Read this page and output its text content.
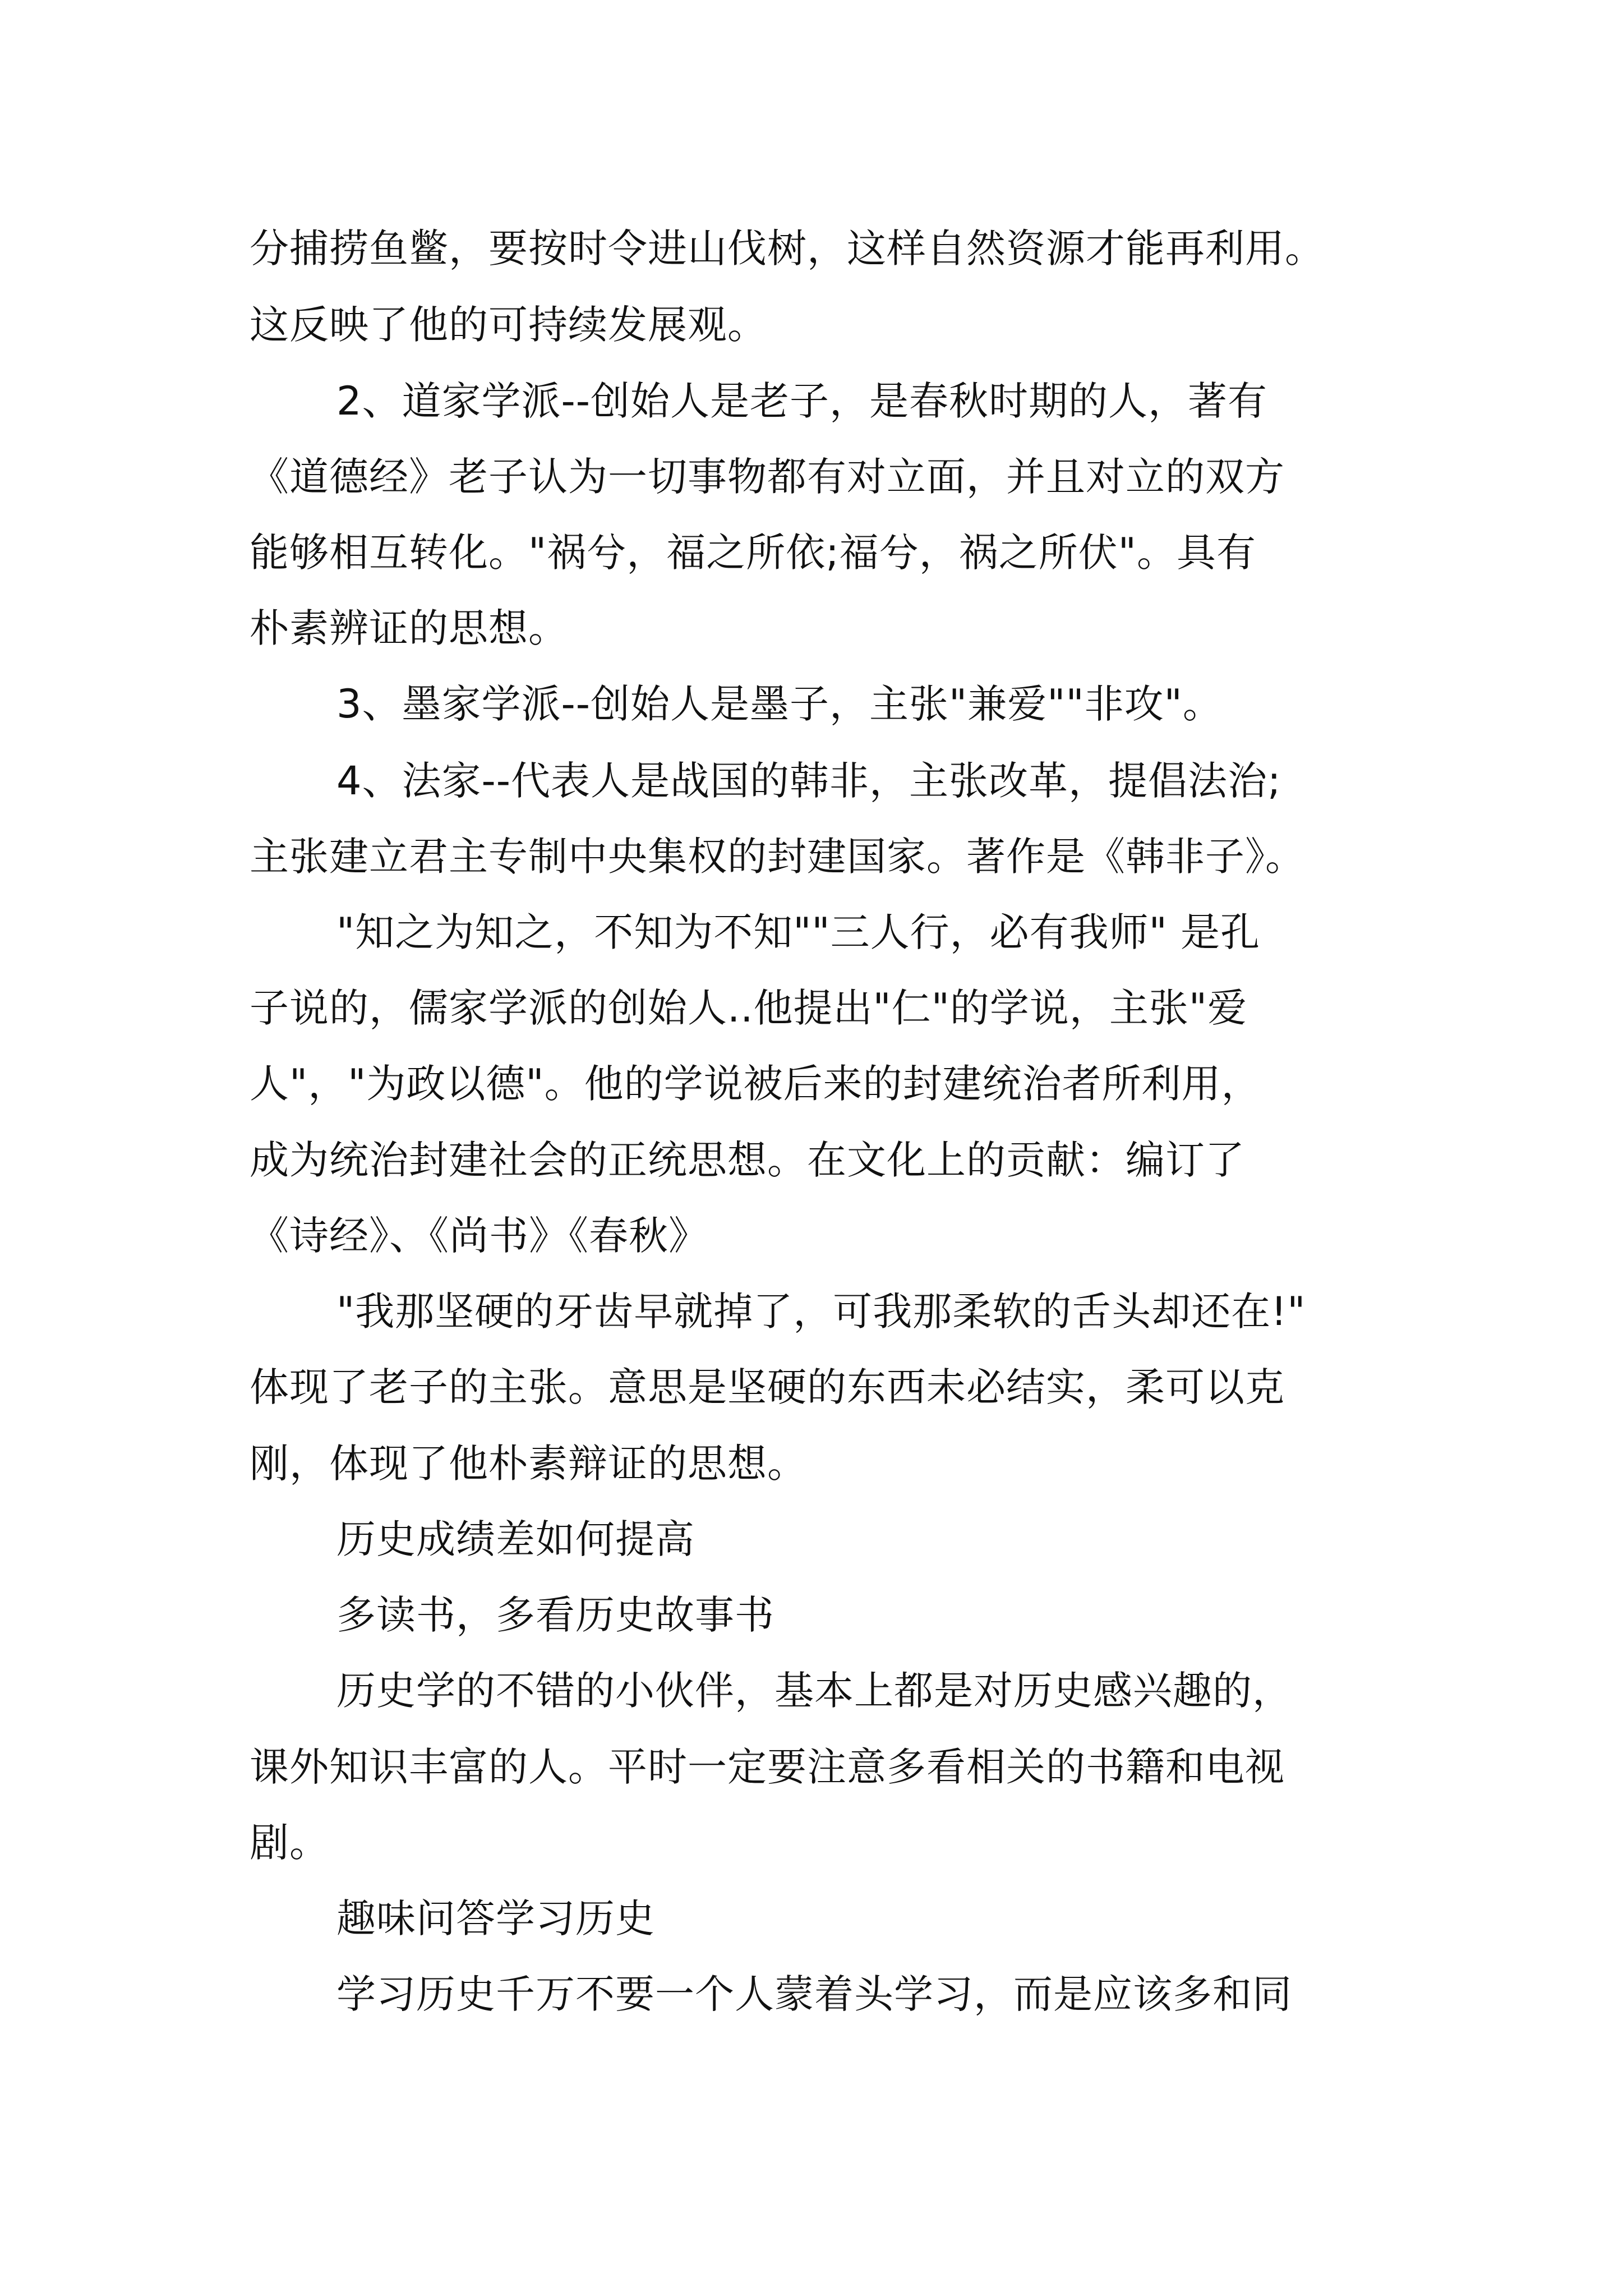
分捕捞鱼鳖，要按时令进山伐树，这样自然资源才能再利用。
这反映了他的可持续发展观。
2、道家学派--创始人是老子，是春秋时期的人，著有
《道德经》老子认为一切事物都有对立面，并且对立的双方
能够相互转化。"祸兮，福之所依;福兮，祸之所伏"。具有
朴素辨证的思想。
3、墨家学派--创始人是墨子，主张"兼爱""非攻"。
4、法家--代表人是战国的韩非，主张改革，提倡法治;
主张建立君主专制中央集权的封建国家。著作是《韩非子》。
"知之为知之，不知为不知""三人行，必有我师" 是孔
子说的，儒家学派的创始人..他提出"仁"的学说，主张"爱
人"，"为政以德"。他的学说被后来的封建统治者所利用，
成为统治封建社会的正统思想。在文化上的贡献：编订了
《诗经》、《尚书》《春秋》
"我那坚硬的牙齿早就掉了，可我那柔软的舌头却还在!"
体现了老子的主张。意思是坚硬的东西未必结实，柔可以克
刚，体现了他朴素辩证的思想。
历史成绩差如何提高
多读书，多看历史故事书
历史学的不错的小伙伴，基本上都是对历史感兴趣的，
课外知识丰富的人。平时一定要注意多看相关的书籍和电视
剧。
趣味问答学习历史
学习历史千万不要一个人蒙着头学习，而是应该多和同
